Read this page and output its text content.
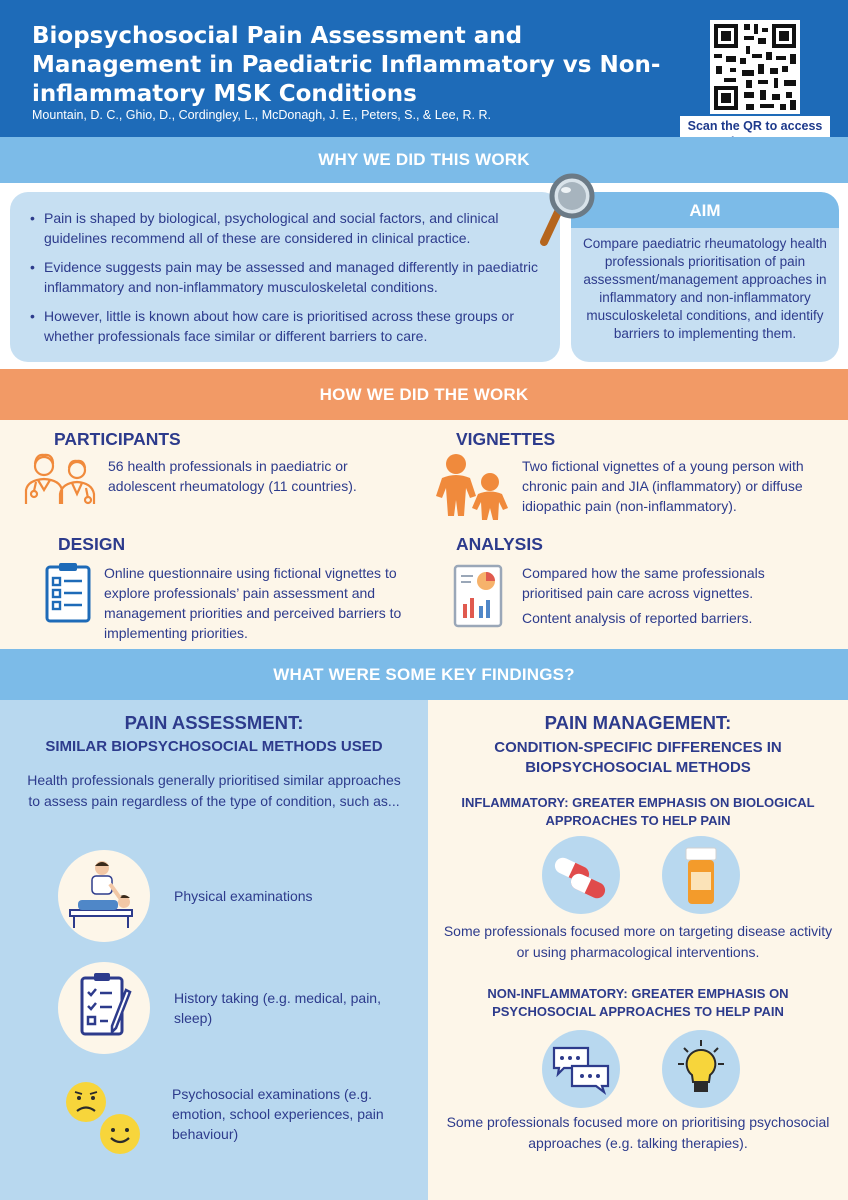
Biopsychosocial Pain Assessment and Management in Paediatric Inflammatory vs Non-inflammatory MSK Conditions
Mountain, D. C., Ghio, D., Cordingley, L., McDonagh, J. E., Peters, S., & Lee, R. R.
Scan the QR to access
WHY WE DID THIS WORK
• Pain is shaped by biological, psychological and social factors, and clinical guidelines recommend all of these are considered in clinical practice.
• Evidence suggests pain may be assessed and managed differently in paediatric inflammatory and non-inflammatory musculoskeletal conditions.
• However, little is known about how care is prioritised across these groups or whether professionals face similar or different barriers to care.
AIM
Compare paediatric rheumatology health professionals prioritisation of pain assessment/management approaches in inflammatory and non-inflammatory musculoskeletal conditions, and identify barriers to implementing them.
HOW WE DID THE WORK
PARTICIPANTS
56 health professionals in paediatric or adolescent rheumatology (11 countries).
VIGNETTES
Two fictional vignettes of a young person with chronic pain and JIA (inflammatory) or diffuse idiopathic pain (non-inflammatory).
DESIGN
Online questionnaire using fictional vignettes to explore professionals’ pain assessment and management priorities and perceived barriers to implementing priorities.
ANALYSIS
Compared how the same professionals prioritised pain care across vignettes.
Content analysis of reported barriers.
WHAT WERE SOME KEY FINDINGS?
PAIN ASSESSMENT:
SIMILAR BIOPSYCHOSOCIAL METHODS USED
Health professionals generally prioritised similar approaches to assess pain regardless of the type of condition, such as...
Physical examinations
History taking (e.g. medical, pain, sleep)
Psychosocial examinations (e.g. emotion, school experiences, pain behaviour)
PAIN MANAGEMENT:
CONDITION-SPECIFIC DIFFERENCES IN BIOPSYCHOSOCIAL METHODS
INFLAMMATORY: GREATER EMPHASIS ON BIOLOGICAL APPROACHES TO HELP PAIN
Some professionals focused more on targeting disease activity or using pharmacological interventions.
NON-INFLAMMATORY: GREATER EMPHASIS ON PSYCHOSOCIAL APPROACHES TO HELP PAIN
Some professionals focused more on prioritising psychosocial approaches (e.g. talking therapies).
